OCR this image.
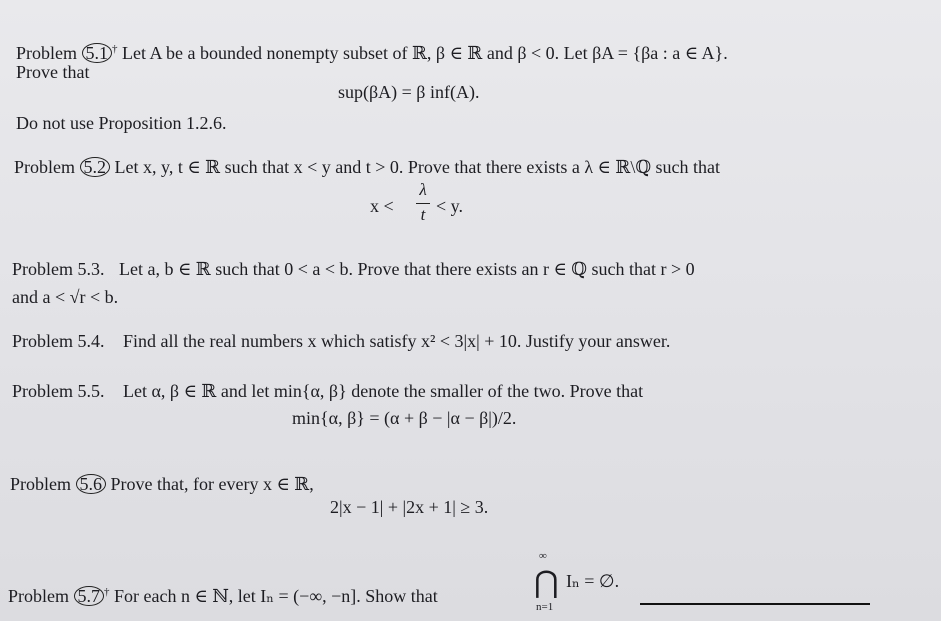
Problem 5.1 † Let A be a bounded nonempty subset of ℝ, β ∈ ℝ and β < 0. Let βA = {βa : a ∈ A}.
Prove that
sup(βA) = β inf(A).
Do not use Proposition 1.2.6.
Problem 5.2 Let x, y, t ∈ ℝ such that x < y and t > 0. Prove that there exists a λ ∈ ℝ\ℚ such that
x <
λ
t < y.
Problem 5.3. Let a, b ∈ ℝ such that 0 < a < b. Prove that there exists an r ∈ ℚ such that r > 0
and a < √r < b.
Problem 5.4. Find all the real numbers x which satisfy x² < 3|x| + 10. Justify your answer.
Problem 5.5. Let α, β ∈ ℝ and let min{α, β} denote the smaller of the two. Prove that
min{α, β} = (α + β − |α − β|)/2.
Problem 5.6 Prove that, for every x ∈ ℝ,
2|x − 1| + |2x + 1| ≥ 3.
Problem 5.7 † For each n ∈ ℕ, let Iₙ = (−∞, −n]. Show that
∞
⋂
n=1
Iₙ = ∅.
